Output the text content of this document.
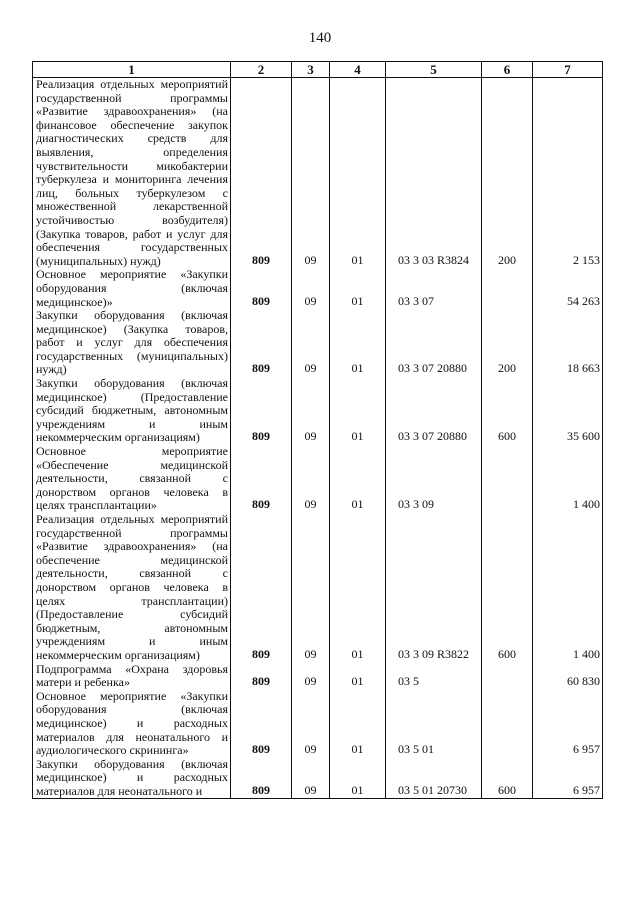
140
1	2	3	4	5	6	7
Реализация отдельных мероприятий государственной программы «Развитие здравоохранения» (на финансовое обеспечение закупок диагностических средств для выявления, определения чувствительности микобактерии туберкулеза и мониторинга лечения лиц, больных туберкулезом с множественной лекарственной устойчивостью возбудителя) (Закупка товаров, работ и услуг для обеспечения государственных (муниципальных) нужд)	809	09	01	03 3 03 R3824	200	2 153
Основное мероприятие «Закупки оборудования (включая медицинское)»	809	09	01	03 3 07		54 263
Закупки оборудования (включая медицинское) (Закупка товаров, работ и услуг для обеспечения государственных (муниципальных) нужд)	809	09	01	03 3 07 20880	200	18 663
Закупки оборудования (включая медицинское) (Предоставление субсидий бюджетным, автономным учреждениям и иным некоммерческим организациям)	809	09	01	03 3 07 20880	600	35 600
Основное мероприятие «Обеспечение медицинской деятельности, связанной с донорством органов человека в целях трансплантации»	809	09	01	03 3 09		1 400
Реализация отдельных мероприятий государственной программы «Развитие здравоохранения» (на обеспечение медицинской деятельности, связанной с донорством органов человека в целях трансплантации) (Предоставление субсидий бюджетным, автономным учреждениям и иным некоммерческим организациям)	809	09	01	03 3 09 R3822	600	1 400
Подпрограмма «Охрана здоровья матери и ребенка»	809	09	01	03 5		60 830
Основное мероприятие «Закупки оборудования (включая медицинское) и расходных материалов для неонатального и аудиологического скрининга»	809	09	01	03 5 01		6 957
Закупки оборудования (включая медицинское) и расходных материалов для неонатального и	809	09	01	03 5 01 20730	600	6 957
